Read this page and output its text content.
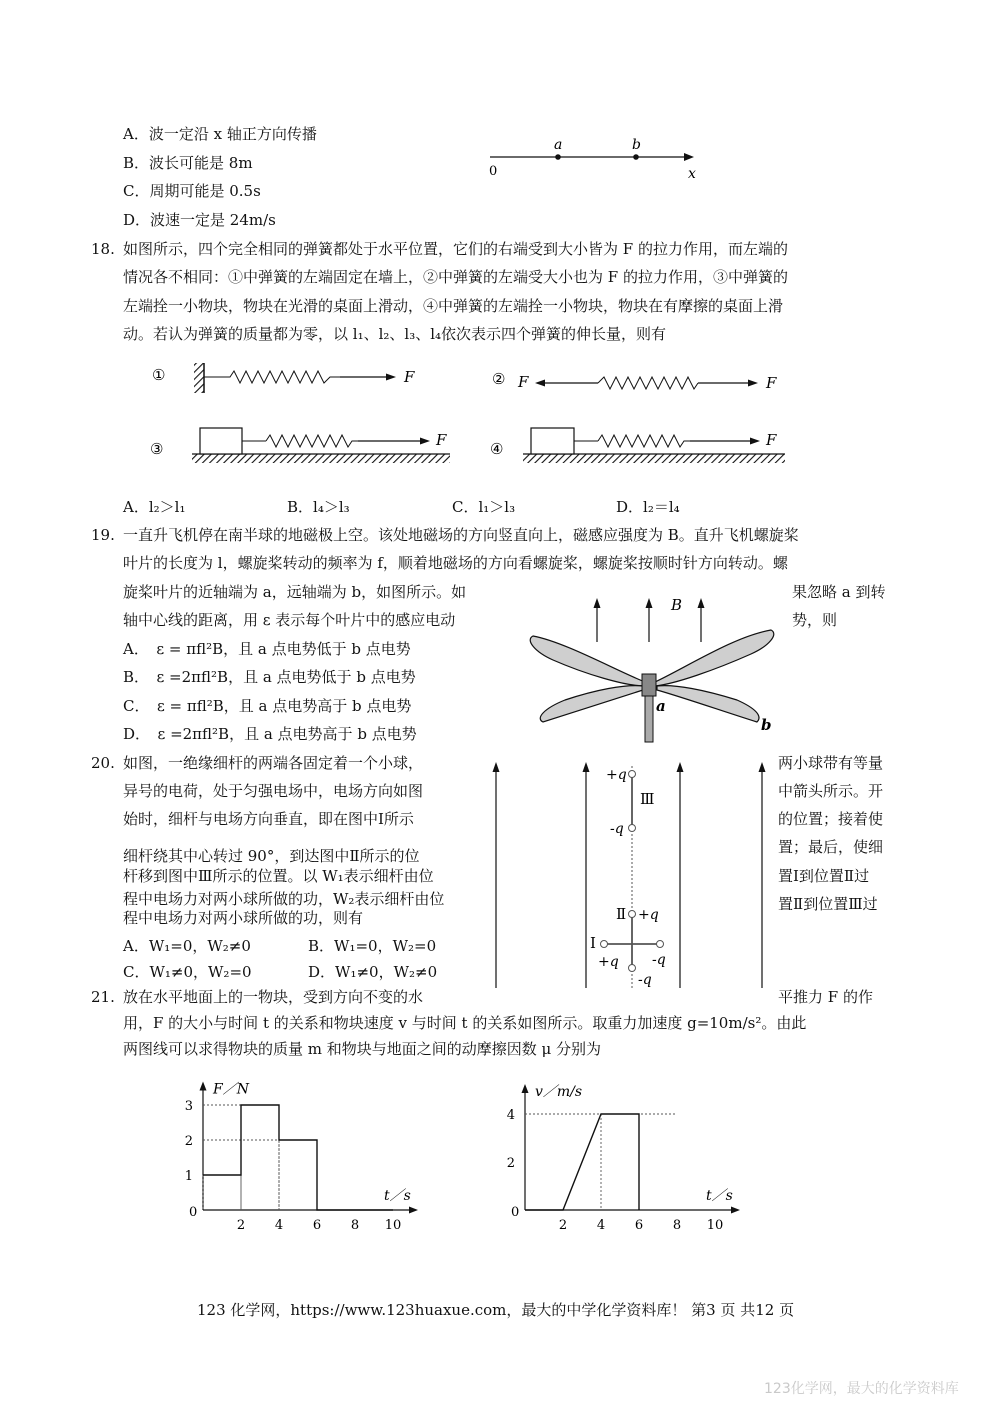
A．波一定沿 x 轴正方向传播
B．波长可能是 8m
C．周期可能是 0.5s
D．波速一定是 24m/s
a	b
0	x
18. 如图所示，四个完全相同的弹簧都处于水平位置，它们的右端受到大小皆为 F 的拉力作用，而左端的
情况各不相同：①中弹簧的左端固定在墙上，②中弹簧的左端受大小也为 F 的拉力作用，③中弹簧的
左端拴一小物块，物块在光滑的桌面上滑动，④中弹簧的左端拴一小物块，物块在有摩擦的桌面上滑
动。若认为弹簧的质量都为零，以 l₁、l₂、l₃、l₄依次表示四个弹簧的伸长量，则有
①	F	② F	F
③	F	④	F
A．l₂＞l₁	B．l₄＞l₃	C．l₁＞l₃	D．l₂＝l₄
19. 一直升飞机停在南半球的地磁极上空。该处地磁场的方向竖直向上，磁感应强度为 B。直升飞机螺旋桨
叶片的长度为 l，螺旋桨转动的频率为 f，顺着地磁场的方向看螺旋桨，螺旋桨按顺时针方向转动。螺
旋桨叶片的近轴端为 a，远轴端为 b，如图所示。如	果忽略 a 到转
轴中心线的距离，用 ε 表示每个叶片中的感应电动	势，则
A．　ε = πfl²B，且 a 点电势低于 b 点电势
B．　ε =2πfl²B，且 a 点电势低于 b 点电势
C．　ε = πfl²B，且 a 点电势高于 b 点电势
D．　ε =2πfl²B，且 a 点电势高于 b 点电势
B
a
b
20. 如图，一绝缘细杆的两端各固定着一个小球，
异号的电荷，处于匀强电场中，电场方向如图
始时，细杆与电场方向垂直，即在图中Ⅰ所示
细杆绕其中心转过 90°，到达图中Ⅱ所示的位
杆移到图中Ⅲ所示的位置。以 W₁表示细杆由位
程中电场力对两小球所做的功，W₂表示细杆由位
程中电场力对两小球所做的功，则有
两小球带有等量
中箭头所示。开
的位置；接着使
置；最后，使细
置Ⅰ到位置Ⅱ过
置Ⅱ到位置Ⅲ过
A．W₁=0，W₂≠0	B．W₁=0，W₂=0
C．W₁≠0，W₂=0	D．W₁≠0，W₂≠0
+q
-q
Ⅲ
Ⅱ +q
-q
Ⅰ
+q -q
21. 放在水平地面上的一物块，受到方向不变的水	平推力 F 的作
用，F 的大小与时间 t 的关系和物块速度 v 与时间 t 的关系如图所示。取重力加速度 g=10m/s²。由此
两图线可以求得物块的质量 m 和物块与地面之间的动摩擦因数 μ 分别为
F／N
t／s
0
2 4 6 8 10
1
2
3
v／m/s
t／s
0
2 4 6 8 10
2
4
123 化学网，https://www.123huaxue.com，最大的中学化学资料库！ 第3 页 共12 页
123化学网，最大的化学资料库
